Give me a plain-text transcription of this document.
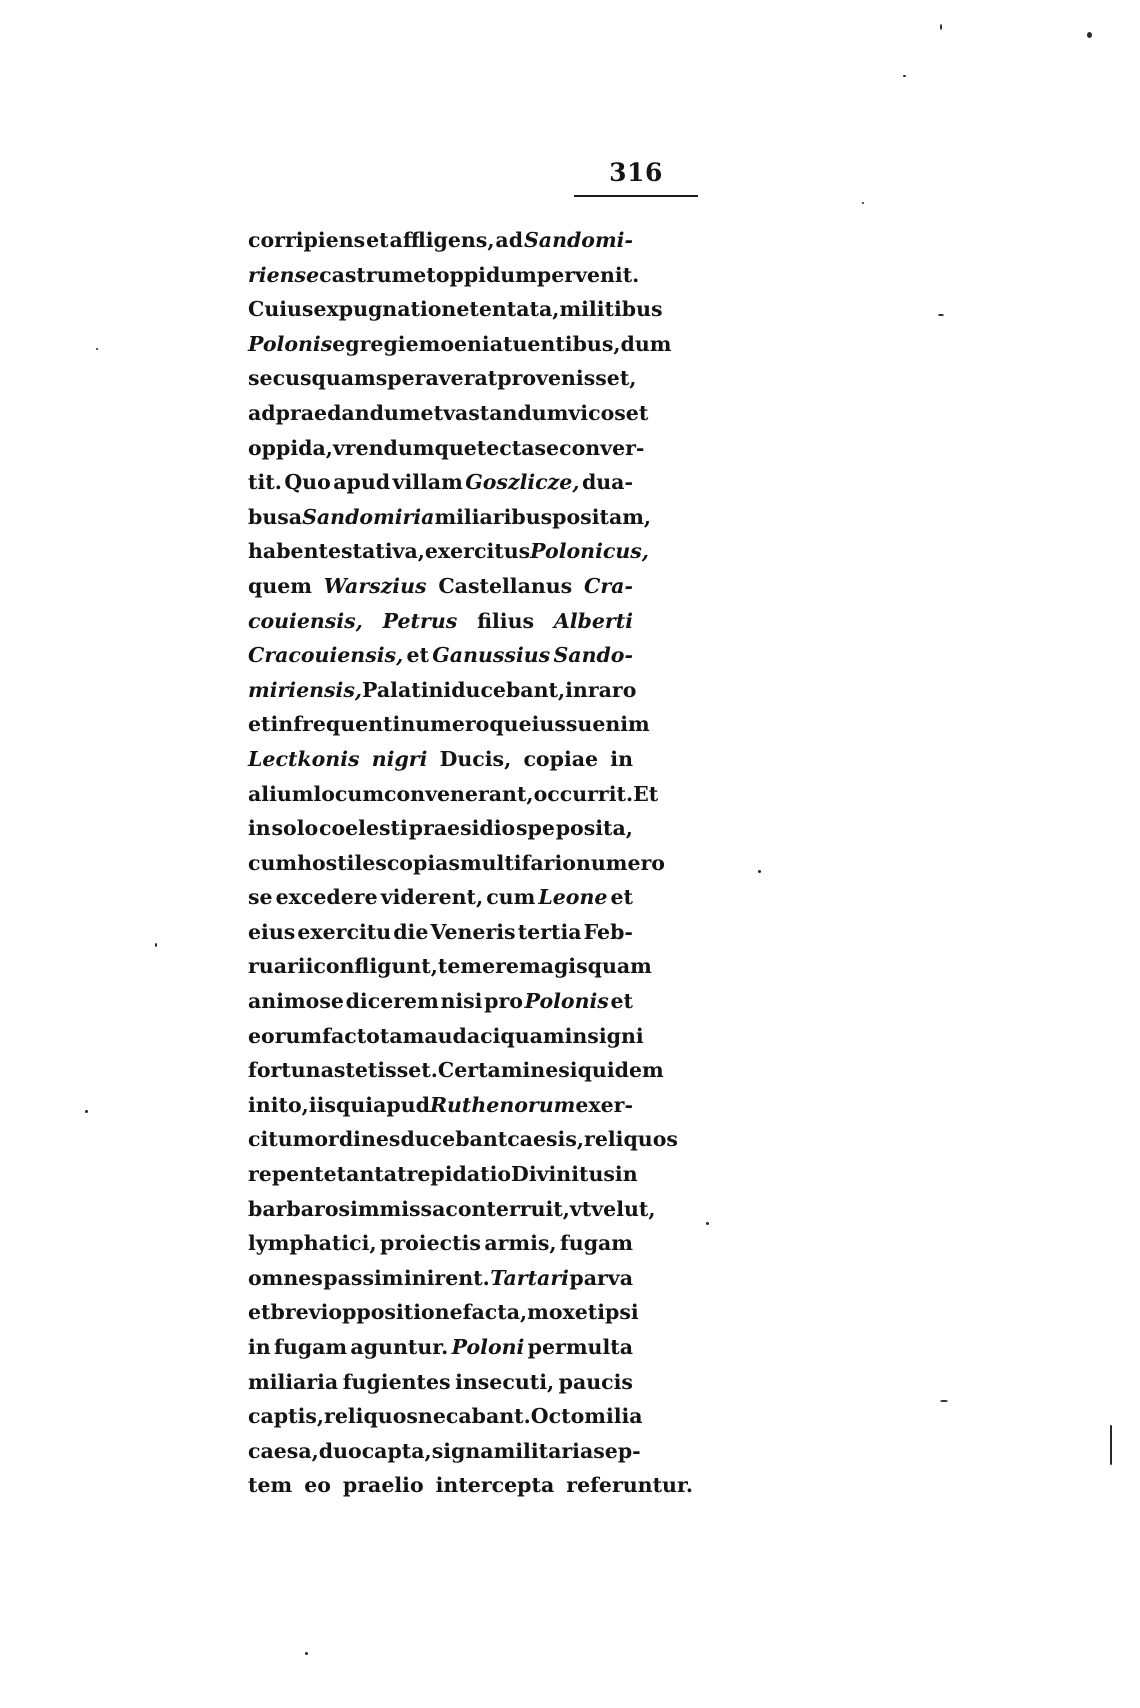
316
corripiens et affligens, ad Sandomi-
riense castrum et oppidum pervenit.
Cuius expugnatione tentata, militibus
Polonis egregie moenia tuentibus, dum
secus quam speraverat provenisset,
ad praedandum et vastandum vicos et
oppida, vrendumque tecta se conver-
tit. Quo apud villam Goszlicze, dua-
bus a Sandomiria miliaribus positam,
habente stativa, exercitus Polonicus,
quem Warszius Castellanus Cra-
couiensis, Petrus filius Alberti
Cracouiensis, et Ganussius Sando-
miriensis, Palatini ducebant, in raro
et infrequenti numeroque iussu enim
Lectkonis nigri Ducis, copiae in
alium locum convenerant, occurrit. Et
in solo coelesti praesidio spe posita,
cum hostiles copias multifario numero
se excedere viderent, cum Leone et
eius exercitu die Veneris tertia Feb-
ruarii confligunt, temere magis quam
animose dicerem nisi pro Polonis et
eorum facto tam audaci quam insigni
fortuna stetisset. Certa mine siquidem
inito, iis qui apud Ruthenorum exer-
citum ordines ducebant caesis, reliquos
repente tanta trepidatio Divinitus in
barbaros immissa conterruit, vt velut,
lymphatici, proiectis armis, fugam
omnes passim inirent. Tartari parva
et brevi oppositione facta, mox et ipsi
in fugam aguntur. Poloni permulta
miliaria fugientes insecuti, paucis
captis, reliquos necabant. Octo milia
caesa, duo capta, signa militaria sep-
tem eo praelio intercepta referuntur.
